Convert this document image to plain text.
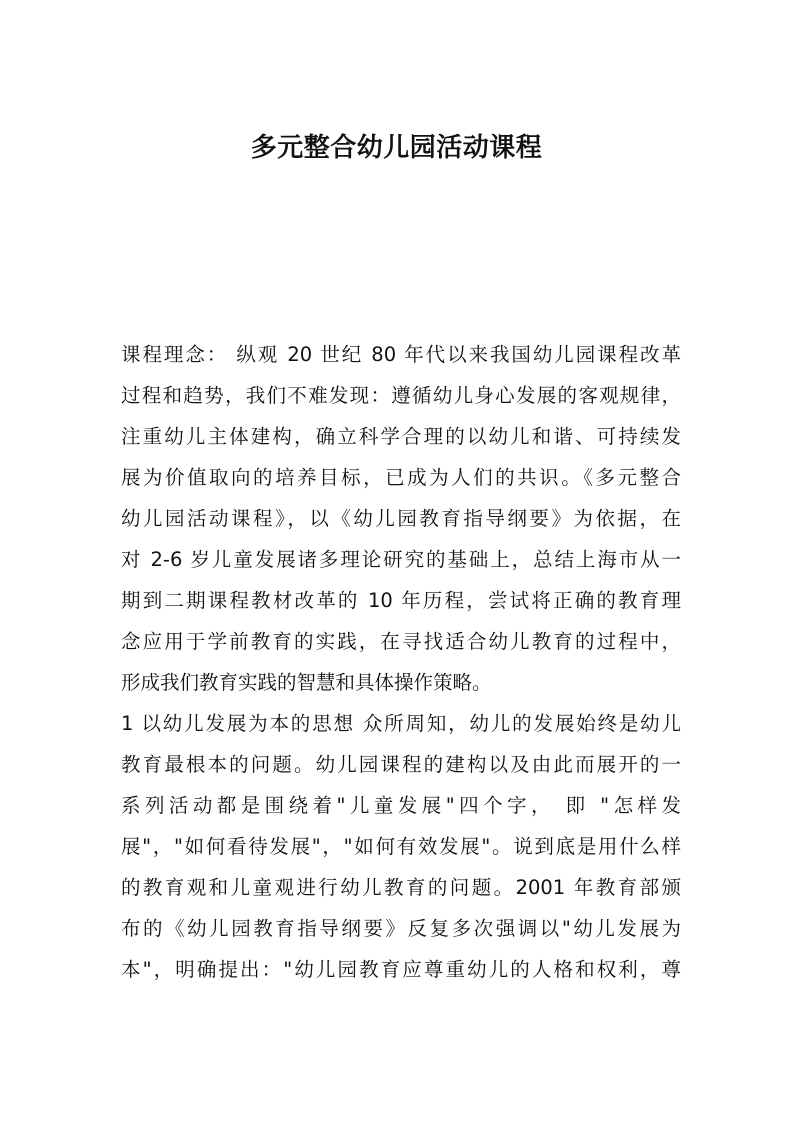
多元整合幼儿园活动课程
课程理念： 纵观 20 世纪 80 年代以来我国幼儿园课程改革
过程和趋势，我们不难发现：遵循幼儿身心发展的客观规律，
注重幼儿主体建构，确立科学合理的以幼儿和谐、可持续发
展为价值取向的培养目标，已成为人们的共识。《多元整合
幼儿园活动课程》，以《幼儿园教育指导纲要》为依据，在
对 2-6 岁儿童发展诸多理论研究的基础上，总结上海市从一
期到二期课程教材改革的 10 年历程，尝试将正确的教育理
念应用于学前教育的实践，在寻找适合幼儿教育的过程中，
形成我们教育实践的智慧和具体操作策略。
1 以幼儿发展为本的思想 众所周知，幼儿的发展始终是幼儿
教育最根本的问题。幼儿园课程的建构以及由此而展开的一
系列活动都是围绕着"儿童发展"四个字， 即 "怎样发
展"，"如何看待发展"，"如何有效发展"。说到底是用什么样
的教育观和儿童观进行幼儿教育的问题。2001 年教育部颁
布的《幼儿园教育指导纲要》反复多次强调以"幼儿发展为
本"，明确提出："幼儿园教育应尊重幼儿的人格和权利，尊
